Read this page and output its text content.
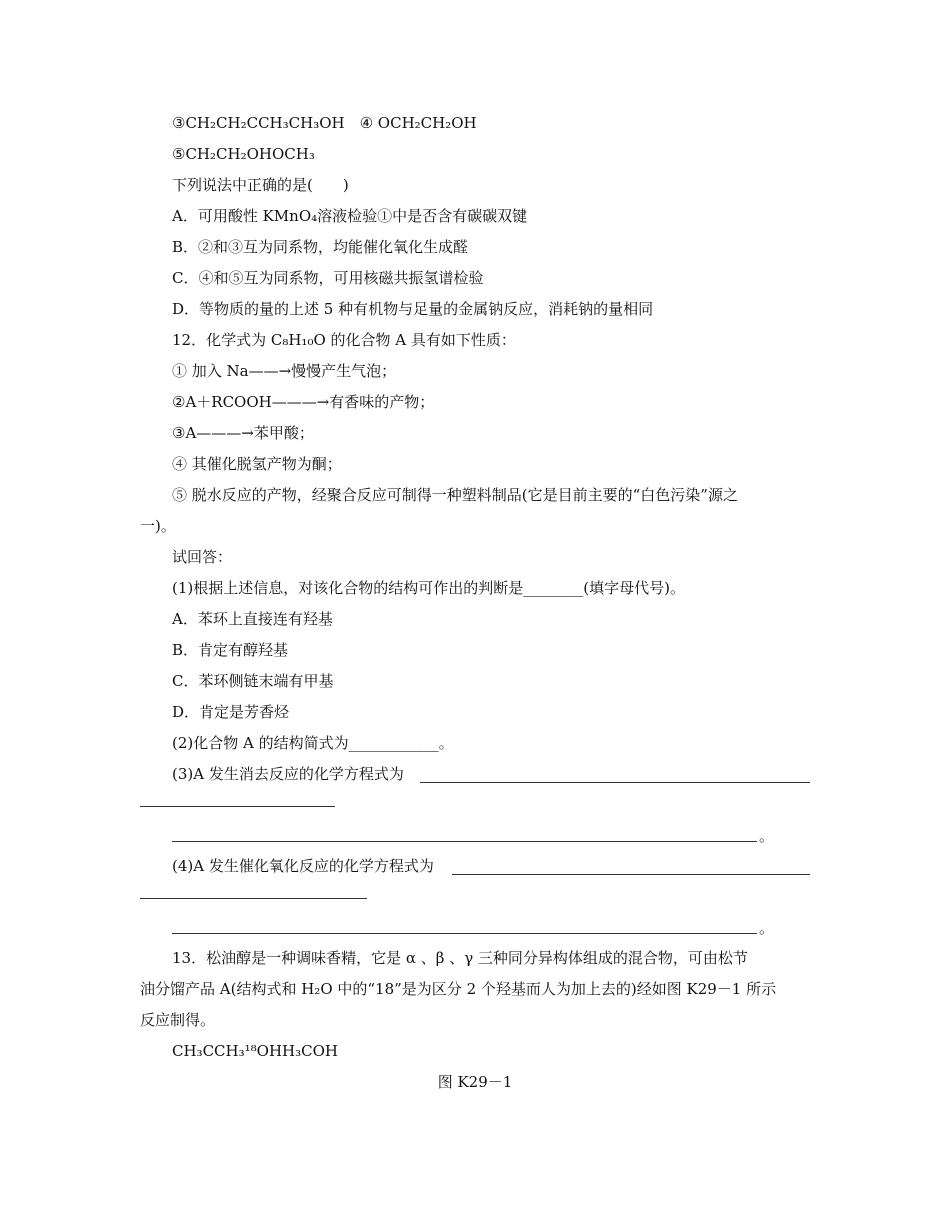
③CH₂CH₂CCH₃CH₃OH　④ OCH₂CH₂OH
⑤CH₂CH₂OHOCH₃
下列说法中正确的是(　　)
A．可用酸性 KMnO₄溶液检验①中是否含有碳碳双键
B．②和③互为同系物，均能催化氧化生成醛
C．④和⑤互为同系物，可用核磁共振氢谱检验
D．等物质的量的上述 5 种有机物与足量的金属钠反应，消耗钠的量相同
12．化学式为 C₈H₁₀O 的化合物 A 具有如下性质：
① 加入 Na——→慢慢产生气泡；
②A＋RCOOH———→有香味的产物；
③A———→苯甲酸；
④ 其催化脱氢产物为酮；
⑤ 脱水反应的产物，经聚合反应可制得一种塑料制品(它是目前主要的“白色污染”源之
一)。
试回答：
(1)根据上述信息，对该化合物的结构可作出的判断是________(填字母代号)。
A．苯环上直接连有羟基
B．肯定有醇羟基
C．苯环侧链末端有甲基
D．肯定是芳香烃
(2)化合物 A 的结构简式为____________。
(3)A 发生消去反应的化学方程式为
。
(4)A 发生催化氧化反应的化学方程式为
。
13．松油醇是一种调味香精，它是 α 、β 、γ 三种同分异构体组成的混合物，可由松节
油分馏产品 A(结构式和 H₂O 中的“18”是为区分 2 个羟基而人为加上去的)经如图 K29－1 所示
反应制得。
CH₃CCH₃¹⁸OHH₃COH
图 K29－1
